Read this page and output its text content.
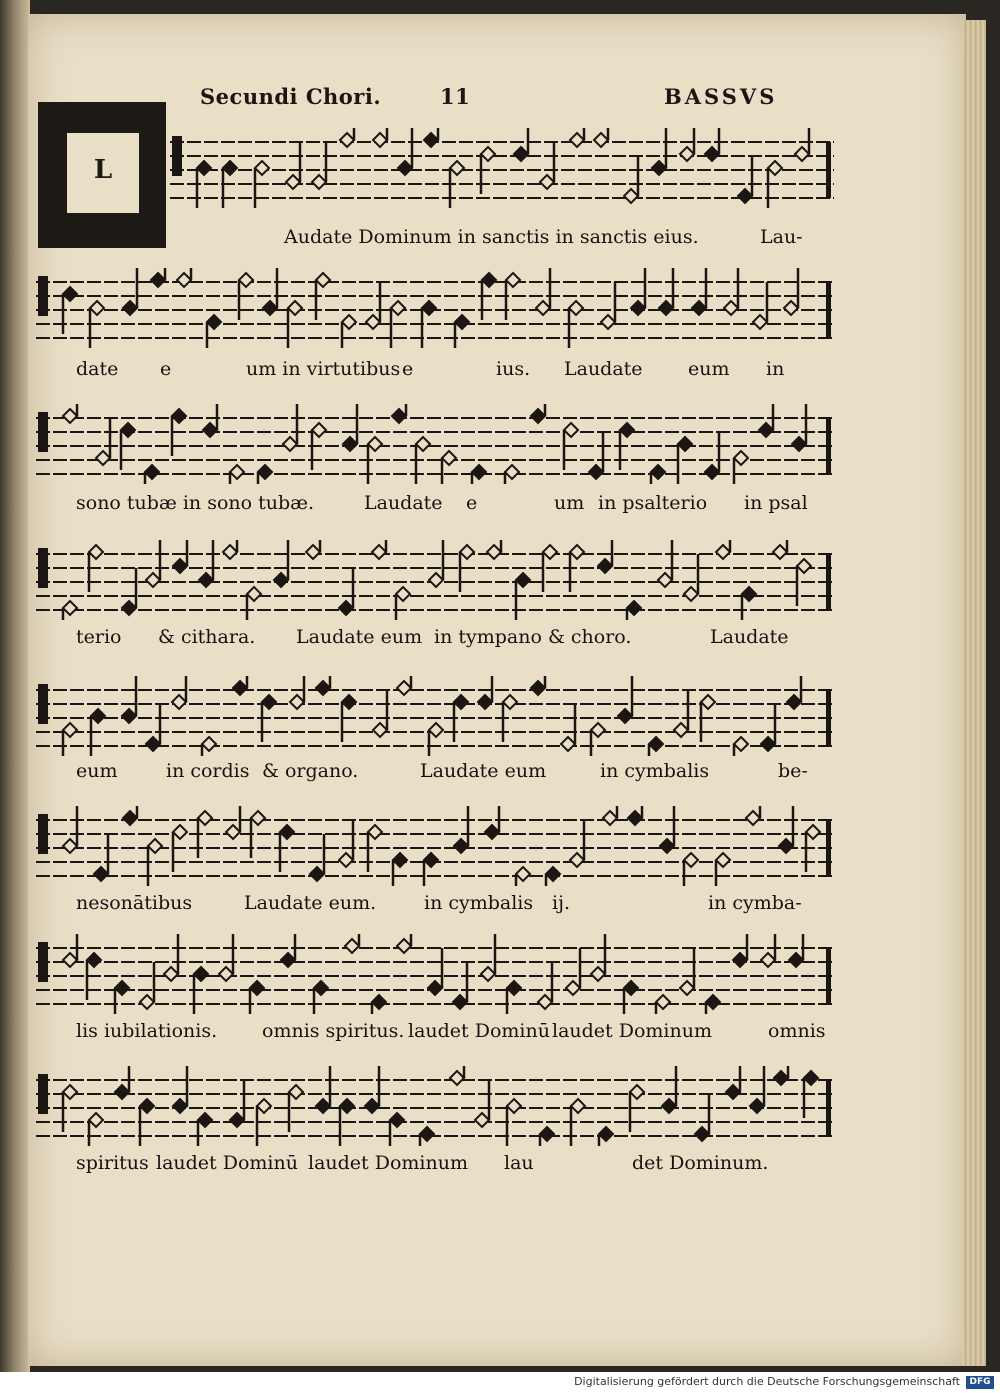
Secundi Chori.	11	BASSVS
L
Audate Dominum in sanctis in sanctis eius.	Lau-
date e	um in virtutibus e	ius. Laudate eum in
sono tubæ in sono tubæ.	Laudate e	um in psalterio in psal
terio & cithara. Laudate eum in tympano & choro.	Laudate
eum	in cordis & organo.	Laudate eum	in cymbalis	be-
nesonātibus	Laudate eum.	in cymbalis ij.	in cymba-
lis iubilationis. omnis spiritus. laudet Dominū laudet Dominum	omnis
spiritus laudet Dominū laudet Dominum lau	det Dominum.
Digitalisierung gefördert durch die Deutsche Forschungsgemeinschaft	DFG
